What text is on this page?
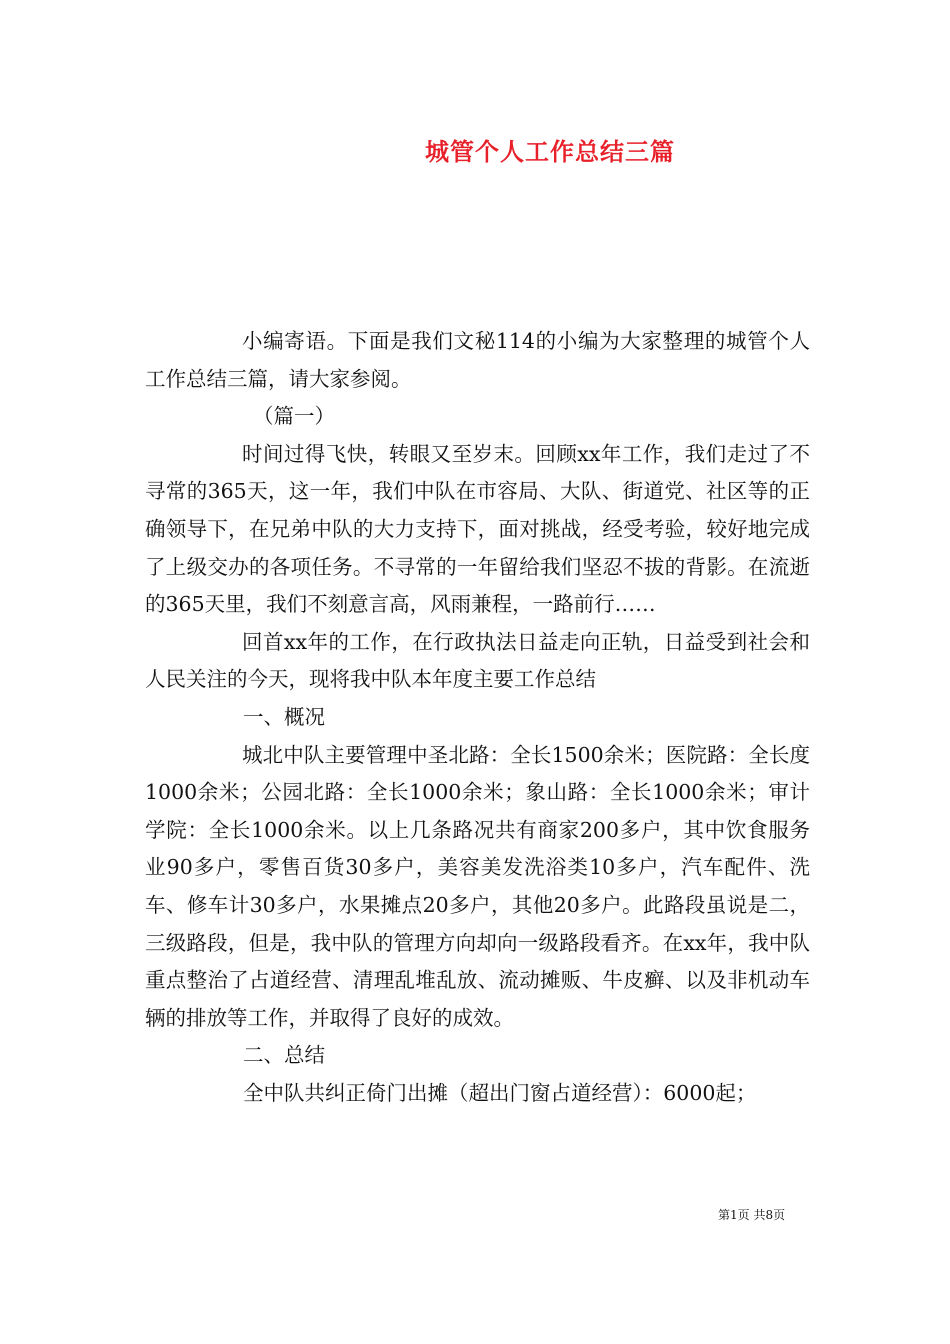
城管个人工作总结三篇

小编寄语。下面是我们文秘114的小编为大家整理的城管个人工作总结三篇，请大家参阅。

（篇一）

时间过得飞快，转眼又至岁末。回顾xx年工作，我们走过了不寻常的365天，这一年，我们中队在市容局、大队、街道党、社区等的正确领导下，在兄弟中队的大力支持下，面对挑战，经受考验，较好地完成了上级交办的各项任务。不寻常的一年留给我们坚忍不拔的背影。在流逝的365天里，我们不刻意言高，风雨兼程，一路前行……

回首xx年的工作，在行政执法日益走向正轨，日益受到社会和人民关注的今天，现将我中队本年度主要工作总结

一、概况

城北中队主要管理中圣北路：全长1500余米；医院路：全长度1000余米；公园北路：全长1000余米；象山路：全长1000余米；审计学院：全长1000余米。以上几条路况共有商家200多户，其中饮食服务业90多户，零售百货30多户，美容美发洗浴类10多户，汽车配件、洗车、修车计30多户，水果摊点20多户，其他20多户。此路段虽说是二，三级路段，但是，我中队的管理方向却向一级路段看齐。在xx年，我中队重点整治了占道经营、清理乱堆乱放、流动摊贩、牛皮癣、以及非机动车辆的排放等工作，并取得了良好的成效。

二、总结

全中队共纠正倚门出摊（超出门窗占道经营）：6000起；

第1页 共8页
